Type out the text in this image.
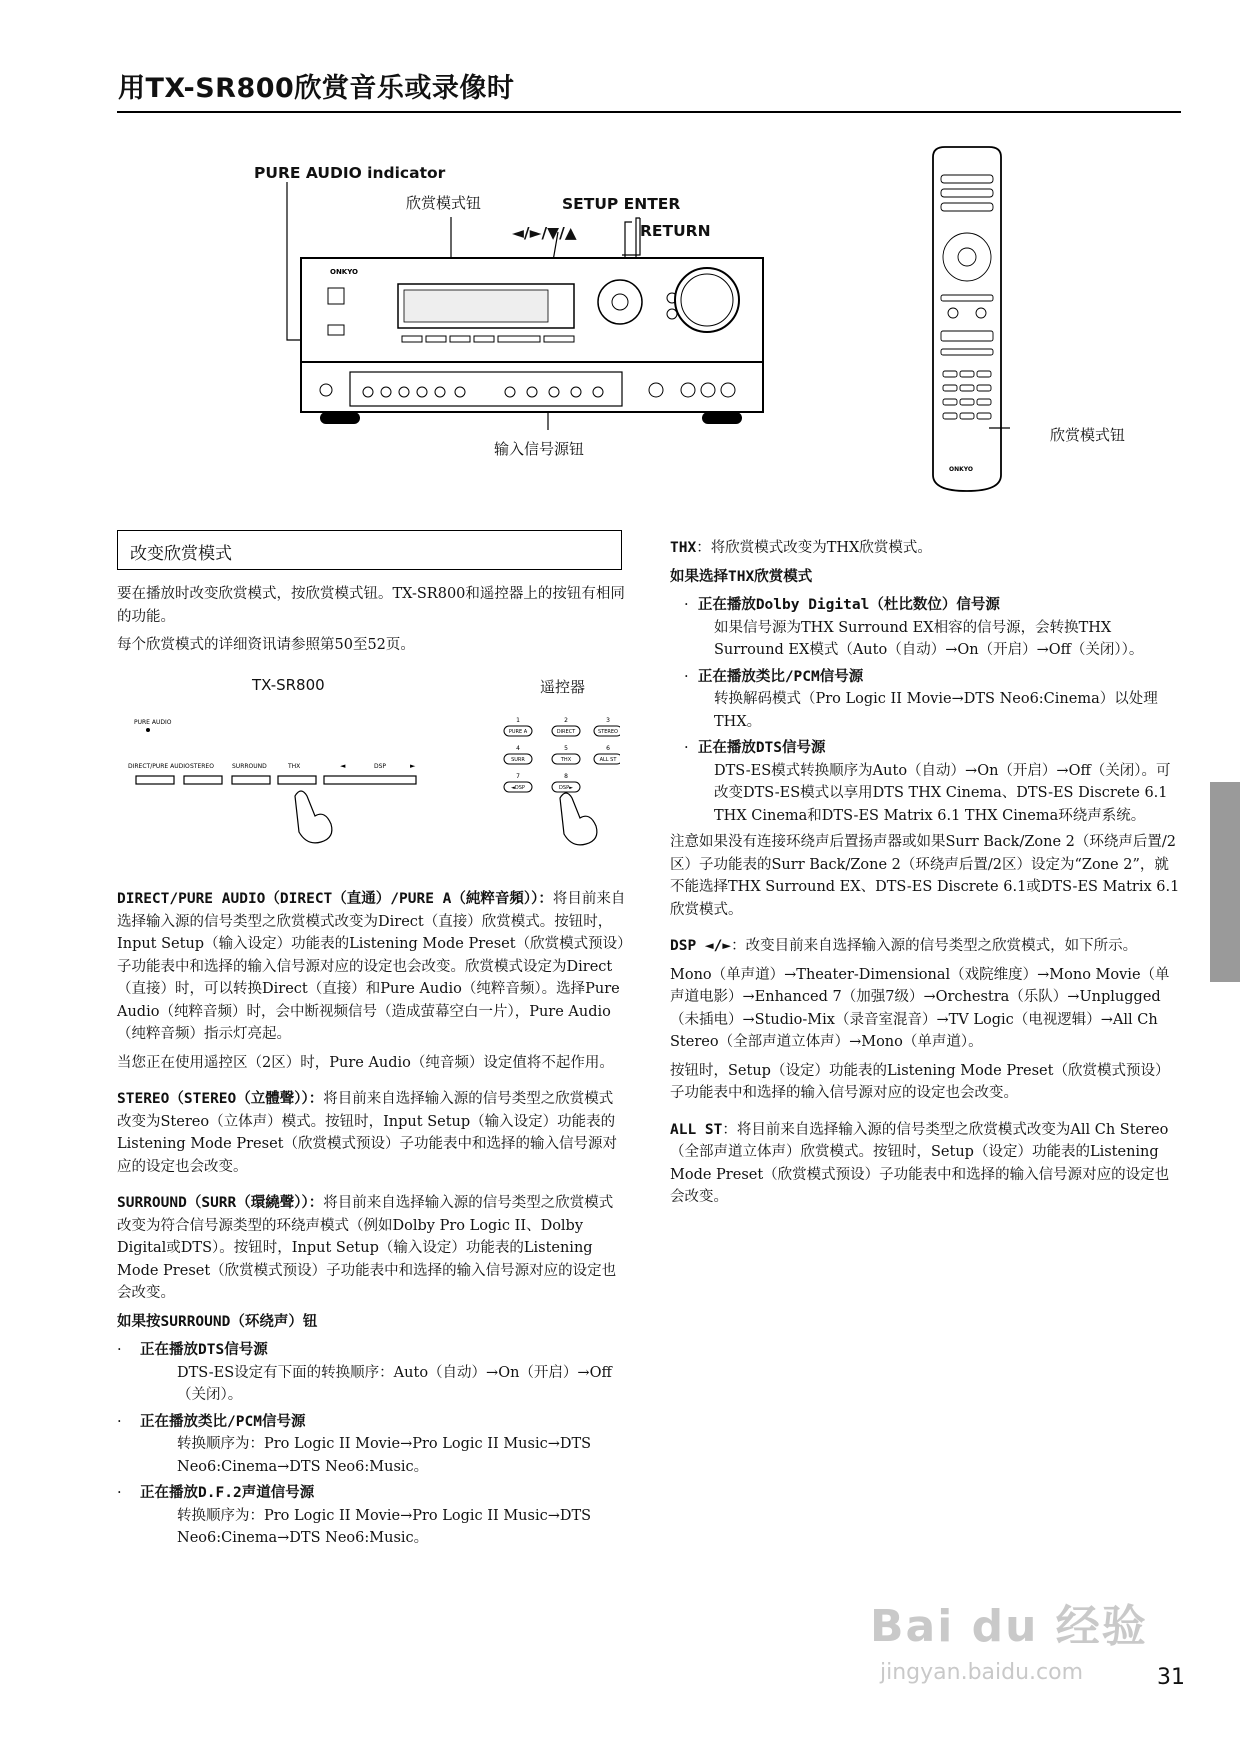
用TX-SR800欣赏音乐或录像时
PURE AUDIO indicator
欣赏模式钮	SETUP ENTER
◄/►/▼/▲	RETURN
输入信号源钮
欣赏模式钮
ONKYO
ONKYO
改变欣赏模式

要在播放时改变欣赏模式，按欣赏模式钮。TX-SR800和遥控器上的按钮有相同的功能。

每个欣赏模式的详细资讯请参照第50至52页。

TX-SR800	遥控器
PURE AUDIO
DIRECT/PURE AUDIO STEREO	SURROUND	THX	◄	DSP	►
1	2	3
4	5	6
7	8
PURE A	DIRECT	STEREO
SURR	THX	ALL ST
◄DSP	DSP►

DIRECT/PURE AUDIO（DIRECT（直通）/PURE A（純粹音頻））：将目前来自选择输入源的信号类型之欣赏模式改变为Direct（直接）欣赏模式。按钮时，Input Setup（输入设定）功能表的Listening Mode Preset（欣赏模式预设）子功能表中和选择的输入信号源对应的设定也会改变。欣赏模式设定为Direct（直接）时，可以转换Direct（直接）和Pure Audio（纯粹音频）。选择Pure Audio（纯粹音频）时，会中断视频信号（造成萤幕空白一片），Pure Audio（纯粹音频）指示灯亮起。

当您正在使用遥控区（2区）时，Pure Audio（纯音频）设定值将不起作用。

STEREO（STEREO（立體聲））：将目前来自选择输入源的信号类型之欣赏模式改变为Stereo（立体声）模式。按钮时，Input Setup（输入设定）功能表的Listening Mode Preset（欣赏模式预设）子功能表中和选择的输入信号源对应的设定也会改变。

SURROUND（SURR（環繞聲））：将目前来自选择输入源的信号类型之欣赏模式改变为符合信号源类型的环绕声模式（例如Dolby Pro Logic II、Dolby Digital或DTS）。按钮时，Input Setup（输入设定）功能表的Listening Mode Preset（欣赏模式预设）子功能表中和选择的输入信号源对应的设定也会改变。

如果按SURROUND（环绕声）钮

·    正在播放DTS信号源
DTS-ES设定有下面的转换顺序：Auto（自动）→On（开启）→Off（关闭）。
·    正在播放类比/PCM信号源
转换顺序为：Pro Logic II Movie→Pro Logic II Music→DTS Neo6:Cinema→DTS Neo6:Music。
·    正在播放D.F.2声道信号源
转换顺序为：Pro Logic II Movie→Pro Logic II Music→DTS Neo6:Cinema→DTS Neo6:Music。

THX：将欣赏模式改变为THX欣赏模式。

如果选择THX欣赏模式

·  正在播放Dolby Digital（杜比数位）信号源
如果信号源为THX Surround EX相容的信号源，会转换THX Surround EX模式（Auto（自动）→On（开启）→Off（关闭））。
·  正在播放类比/PCM信号源
转换解码模式（Pro Logic II Movie→DTS Neo6:Cinema）以处理THX。
·  正在播放DTS信号源
DTS-ES模式转换顺序为Auto（自动）→On（开启）→Off（关闭）。可改变DTS-ES模式以享用DTS THX Cinema、DTS-ES Discrete 6.1 THX Cinema和DTS-ES Matrix 6.1 THX Cinema环绕声系统。

注意如果没有连接环绕声后置扬声器或如果Surr Back/Zone 2（环绕声后置/2区）子功能表的Surr Back/Zone 2（环绕声后置/2区）设定为“Zone 2”，就不能选择THX Surround EX、DTS-ES Discrete 6.1或DTS-ES Matrix 6.1欣赏模式。

DSP ◄/►：改变目前来自选择输入源的信号类型之欣赏模式，如下所示。

Mono（单声道）→Theater-Dimensional（戏院维度）→Mono Movie（单声道电影）→Enhanced 7（加强7级）→Orchestra（乐队）→Unplugged（未插电）→Studio-Mix（录音室混音）→TV Logic（电视逻辑）→All Ch Stereo（全部声道立体声）→Mono（单声道）。

按钮时，Setup（设定）功能表的Listening Mode Preset（欣赏模式预设）子功能表中和选择的输入信号源对应的设定也会改变。

ALL ST：将目前来自选择输入源的信号类型之欣赏模式改变为All Ch Stereo（全部声道立体声）欣赏模式。按钮时，Setup（设定）功能表的Listening Mode Preset（欣赏模式预设）子功能表中和选择的输入信号源对应的设定也会改变。

Bai du 经验
jingyan.baidu.com	31
